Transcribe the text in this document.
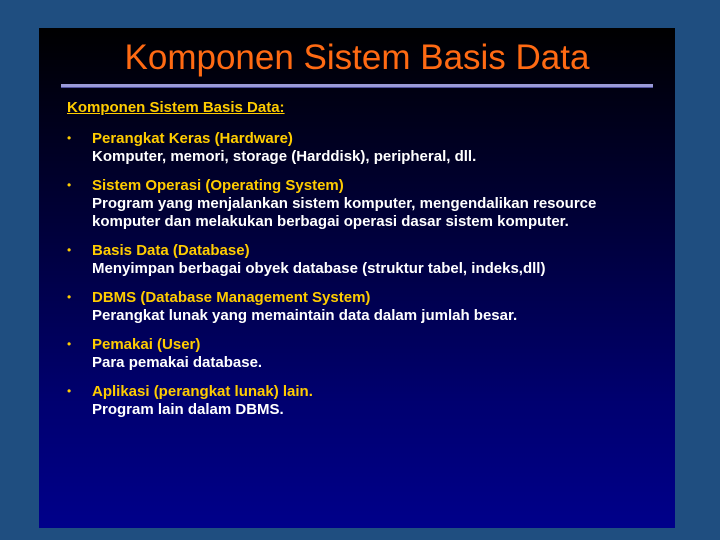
Komponen Sistem Basis Data
Komponen Sistem Basis Data:
• Perangkat Keras (Hardware)
Komputer, memori, storage (Harddisk), peripheral, dll.
• Sistem Operasi (Operating System)
Program yang menjalankan sistem komputer, mengendalikan resource
komputer dan melakukan berbagai operasi dasar sistem komputer.
• Basis Data (Database)
Menyimpan berbagai obyek database (struktur tabel, indeks,dll)
• DBMS (Database Management System)
Perangkat lunak yang memaintain data dalam jumlah besar.
• Pemakai (User)
Para pemakai database.
• Aplikasi (perangkat lunak) lain.
Program lain dalam DBMS.
